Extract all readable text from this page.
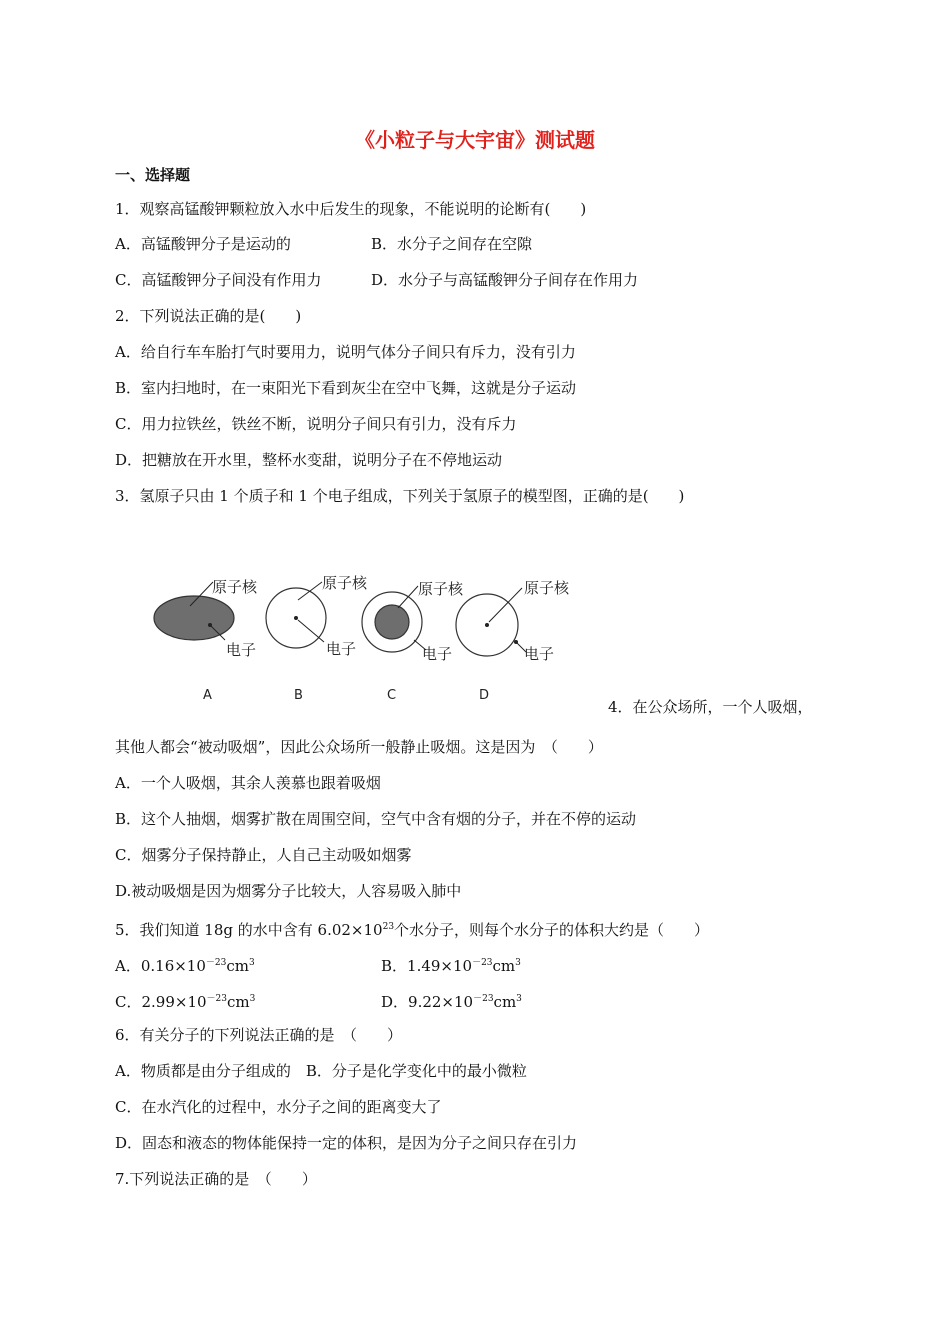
《小粒子与大宇宙》测试题
一、选择题
1．观察高锰酸钾颗粒放入水中后发生的现象，不能说明的论断有(　　)
A．高锰酸钾分子是运动的	B．水分子之间存在空隙
C．高锰酸钾分子间没有作用力	D．水分子与高锰酸钾分子间存在作用力
2．下列说法正确的是(　　)
A．给自行车车胎打气时要用力，说明气体分子间只有斥力，没有引力
B．室内扫地时，在一束阳光下看到灰尘在空中飞舞，这就是分子运动
C．用力拉铁丝，铁丝不断，说明分子间只有引力，没有斥力
D．把糖放在开水里，整杯水变甜，说明分子在不停地运动
3．氢原子只由 1 个质子和 1 个电子组成，下列关于氢原子的模型图，正确的是(　　)
原子核
电子
A
原子核
电子
B
原子核
电子
C
原子核
电子
D
4．在公众场所，一个人吸烟，
其他人都会“被动吸烟”，因此公众场所一般静止吸烟。这是因为　（　　）
A．一个人吸烟，其余人羡慕也跟着吸烟
B．这个人抽烟，烟雾扩散在周围空间，空气中含有烟的分子，并在不停的运动
C．烟雾分子保持静止，人自己主动吸如烟雾
D.被动吸烟是因为烟雾分子比较大，人容易吸入肺中
5．我们知道 18g 的水中含有 $6.02\times 10^{23}$个水分子，则每个水分子的体积大约是（　　）
A．$0.16\times 10^{-23}cm^3$	B．$1.49\times 10^{-23}cm^3$
C．$2.99\times 10^{-23}cm^3$	D．$9.22\times 10^{-23}cm^3$
6．有关分子的下列说法正确的是　（　　）
A．物质都是由分子组成的　B．分子是化学变化中的最小微粒
C．在水汽化的过程中，水分子之间的距离变大了
D．固态和液态的物体能保持一定的体积，是因为分子之间只存在引力
7.下列说法正确的是　（　　）
